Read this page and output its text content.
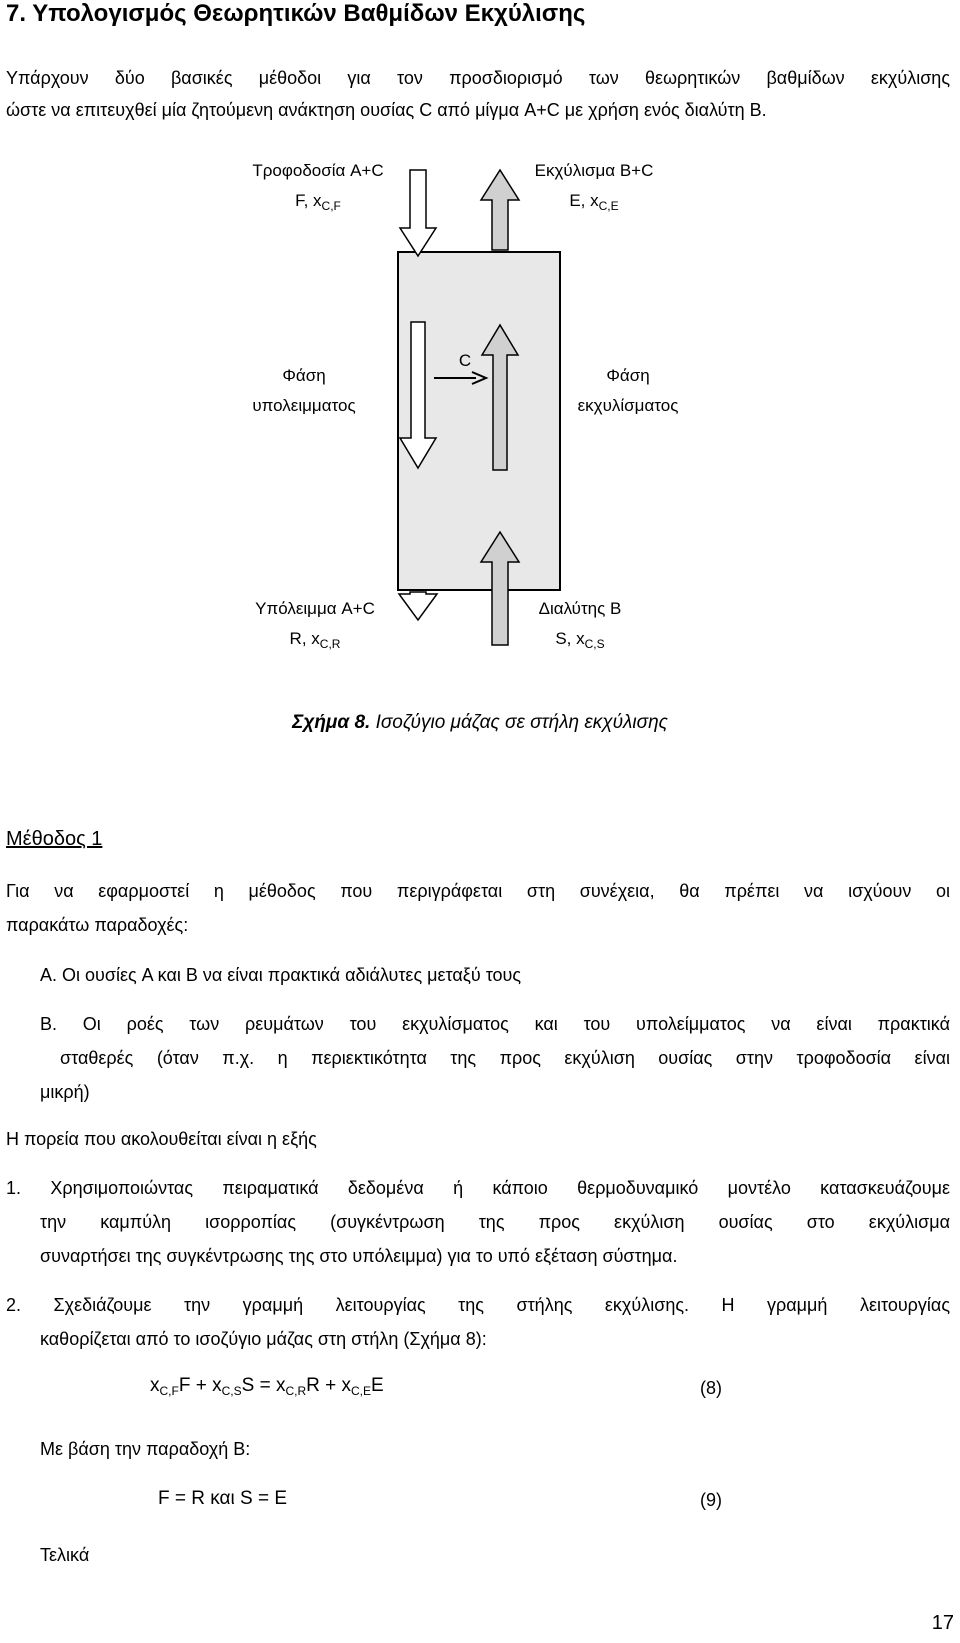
7. Υπολογισμός Θεωρητικών Βαθμίδων Εκχύλισης
Υπάρχουν δύο βασικές μέθοδοι για τον προσδιορισμό των θεωρητικών βαθμίδων εκχύλισης
ώστε να επιτευχθεί μία ζητούμενη ανάκτηση ουσίας C από μίγμα A+C με χρήση ενός διαλύτη B.
Τροφοδοσία A+C
F, $x_{C,F}$
Εκχύλισμα B+C
E, $x_{C,E}$
Φάση
υπολειμματος
C
Φάση
εκχυλίσματος
Υπόλειμμα A+C
R, $x_{C,R}$
Διαλύτης B
S, $x_{C,S}$
Σχήμα 8. Ισοζύγιο μάζας σε στήλη εκχύλισης
Μέθοδος 1
Για να εφαρμοστεί η μέθοδος που περιγράφεται στη συνέχεια, θα πρέπει να ισχύουν οι
παρακάτω παραδοχές:
A. Οι ουσίες A και B να είναι πρακτικά αδιάλυτες μεταξύ τους
B. Οι ροές των ρευμάτων του εκχυλίσματος και του υπολείμματος να είναι πρακτικά
σταθερές (όταν π.χ. η περιεκτικότητα της προς εκχύλιση ουσίας στην τροφοδοσία είναι
μικρή)
Η πορεία που ακολουθείται είναι η εξής
1. Χρησιμοποιώντας πειραματικά δεδομένα ή κάποιο θερμοδυναμικό μοντέλο κατασκευάζουμε
την καμπύλη ισορροπίας (συγκέντρωση της προς εκχύλιση ουσίας στο εκχύλισμα
συναρτήσει της συγκέντρωσης της στο υπόλειμμα) για το υπό εξέταση σύστημα.
2. Σχεδιάζουμε την γραμμή λειτουργίας της στήλης εκχύλισης. Η γραμμή λειτουργίας
καθορίζεται από το ισοζύγιο μάζας στη στήλη (Σχήμα 8):
$x_{C,F}F + x_{C,S}S = x_{C,R}R + x_{C,E}E$	(8)
Με βάση την παραδοχή B:
F = R και S = E	(9)
Τελικά
17
